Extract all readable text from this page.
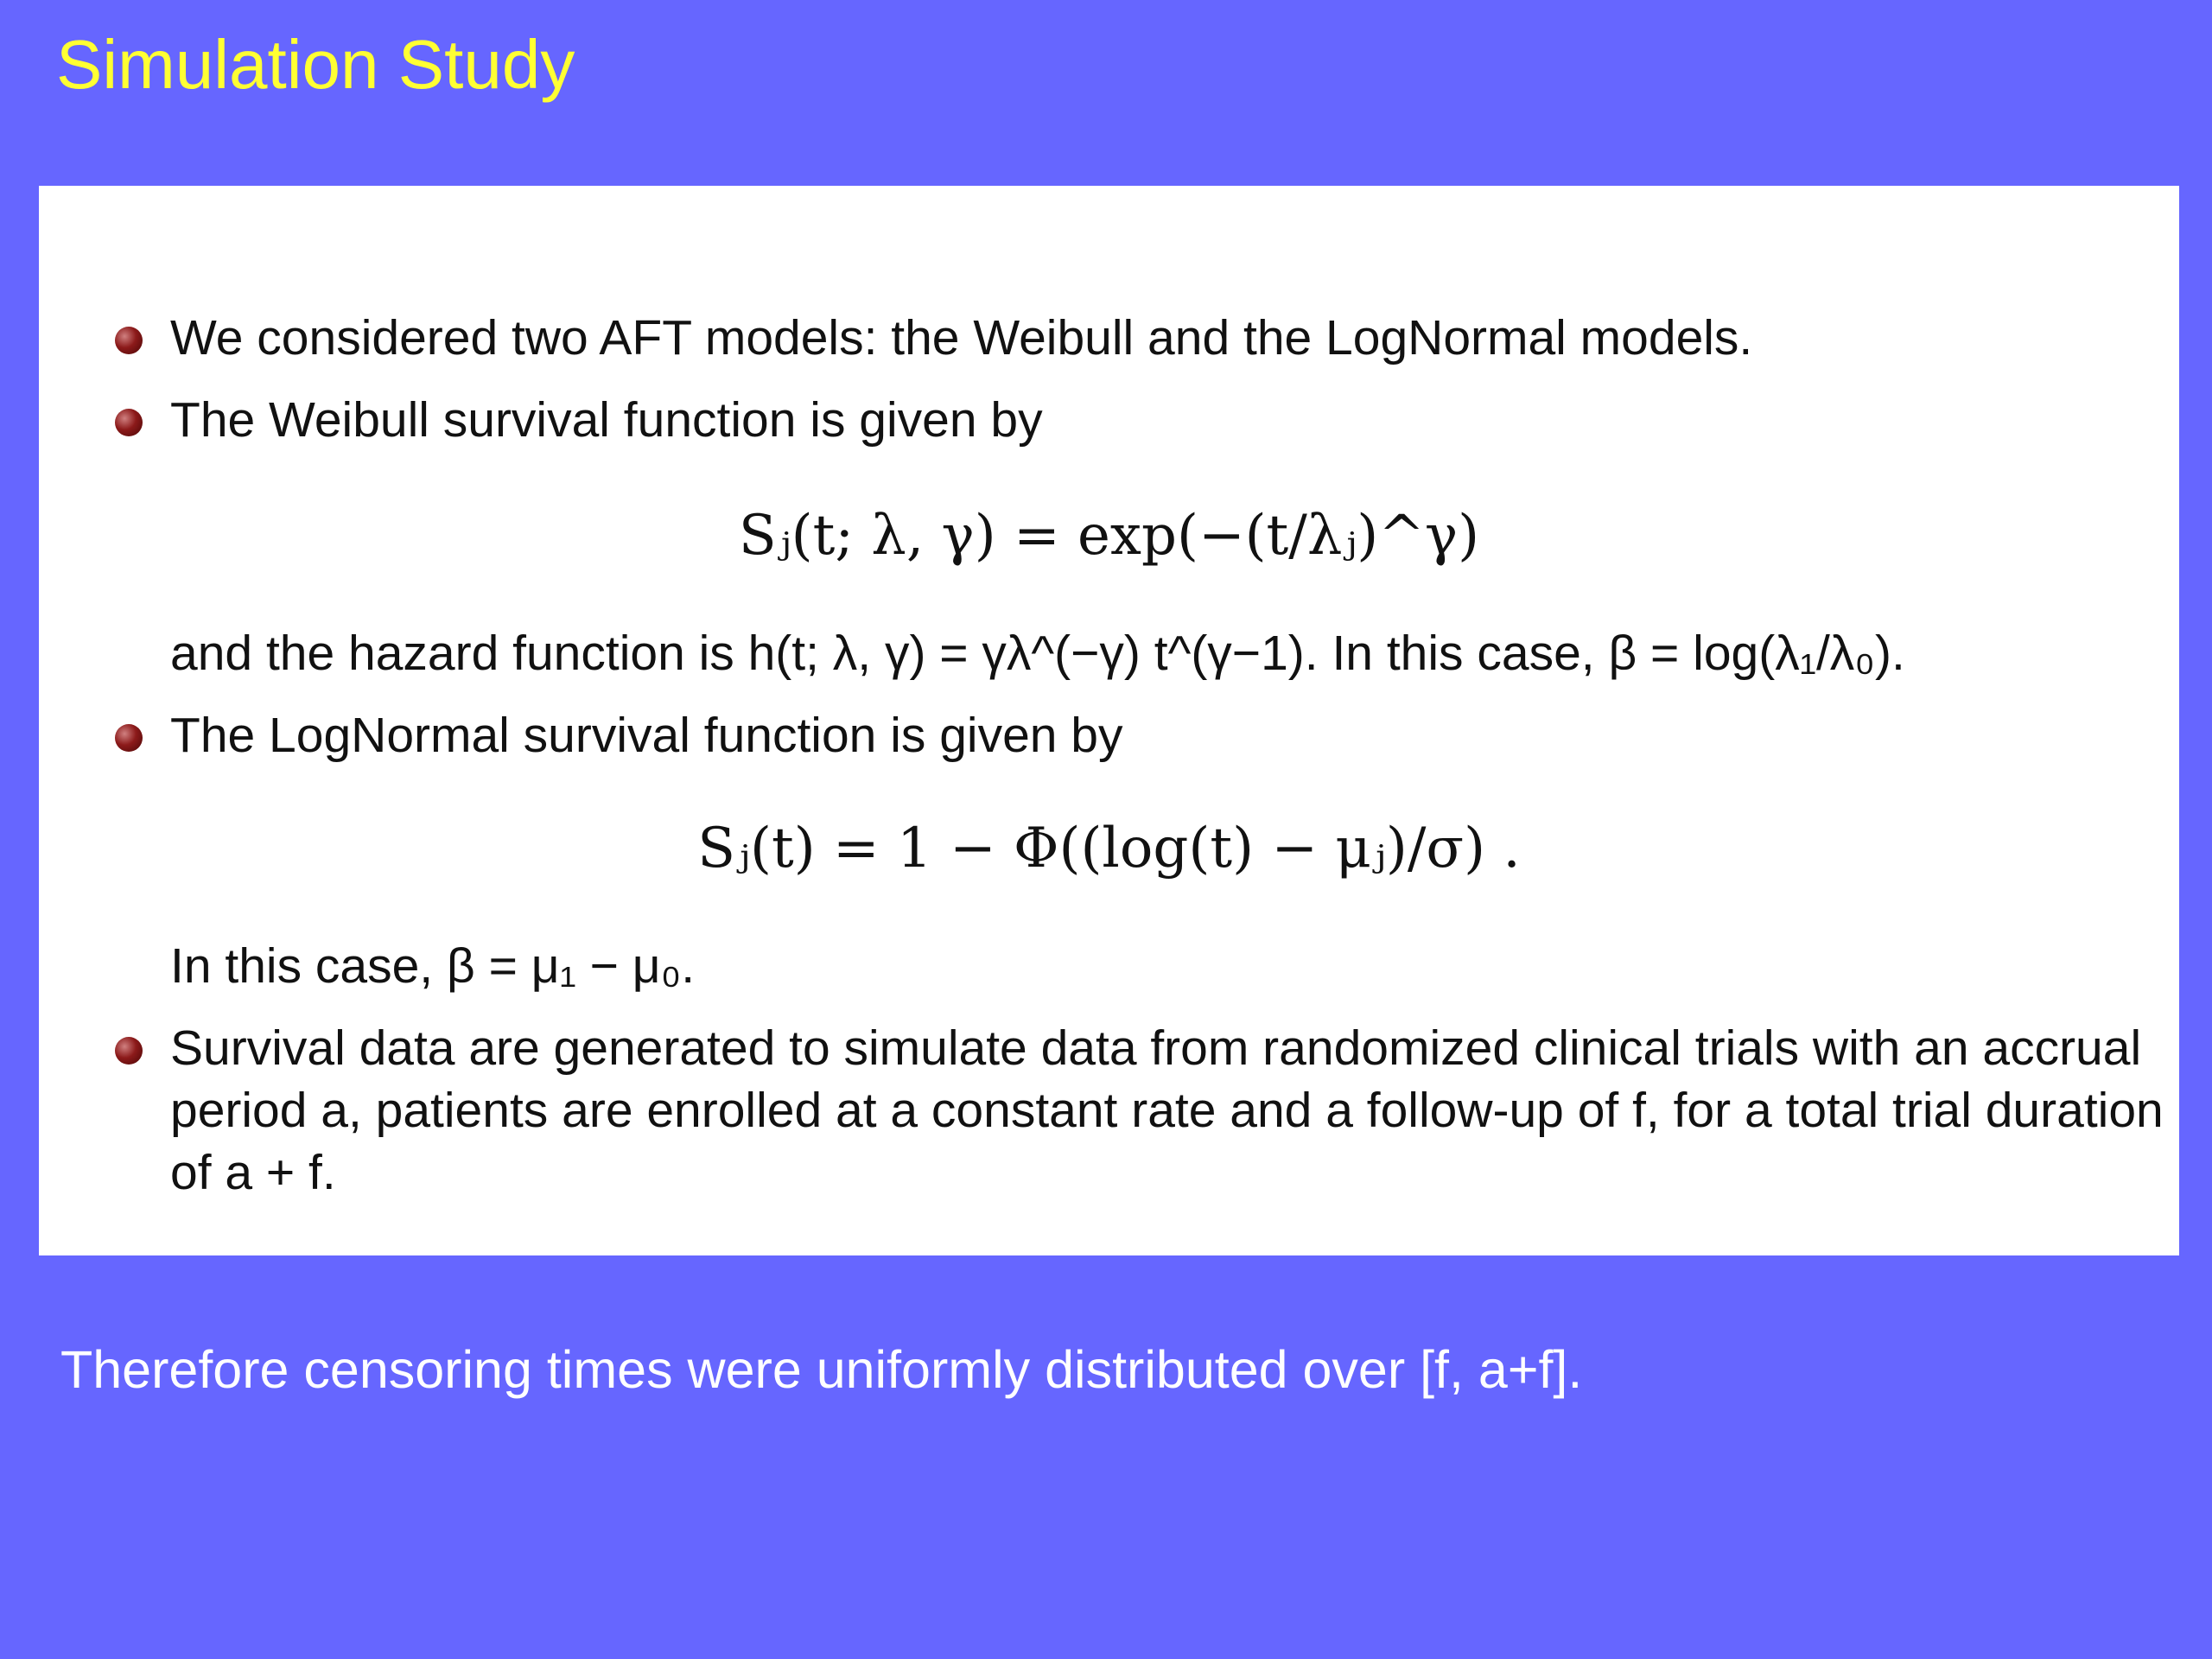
Simulation Study
We considered two AFT models: the Weibull and the LogNormal models.
The Weibull survival function is given by
Sⱼ(t; λ, γ) = exp(−(t/λⱼ)^γ)
and the hazard function is h(t; λ, γ) = γλ^(−γ) t^(γ−1). In this case, β = log(λ₁/λ₀).
The LogNormal survival function is given by
Sⱼ(t) = 1 − Φ((log(t) − μⱼ)/σ) .
In this case, β = μ₁ − μ₀.
Survival data are generated to simulate data from randomized clinical trials with an accrual period a, patients are enrolled at a constant rate and a follow-up of f, for a total trial duration of a + f.

Therefore censoring times were uniformly distributed over [f, a+f].
